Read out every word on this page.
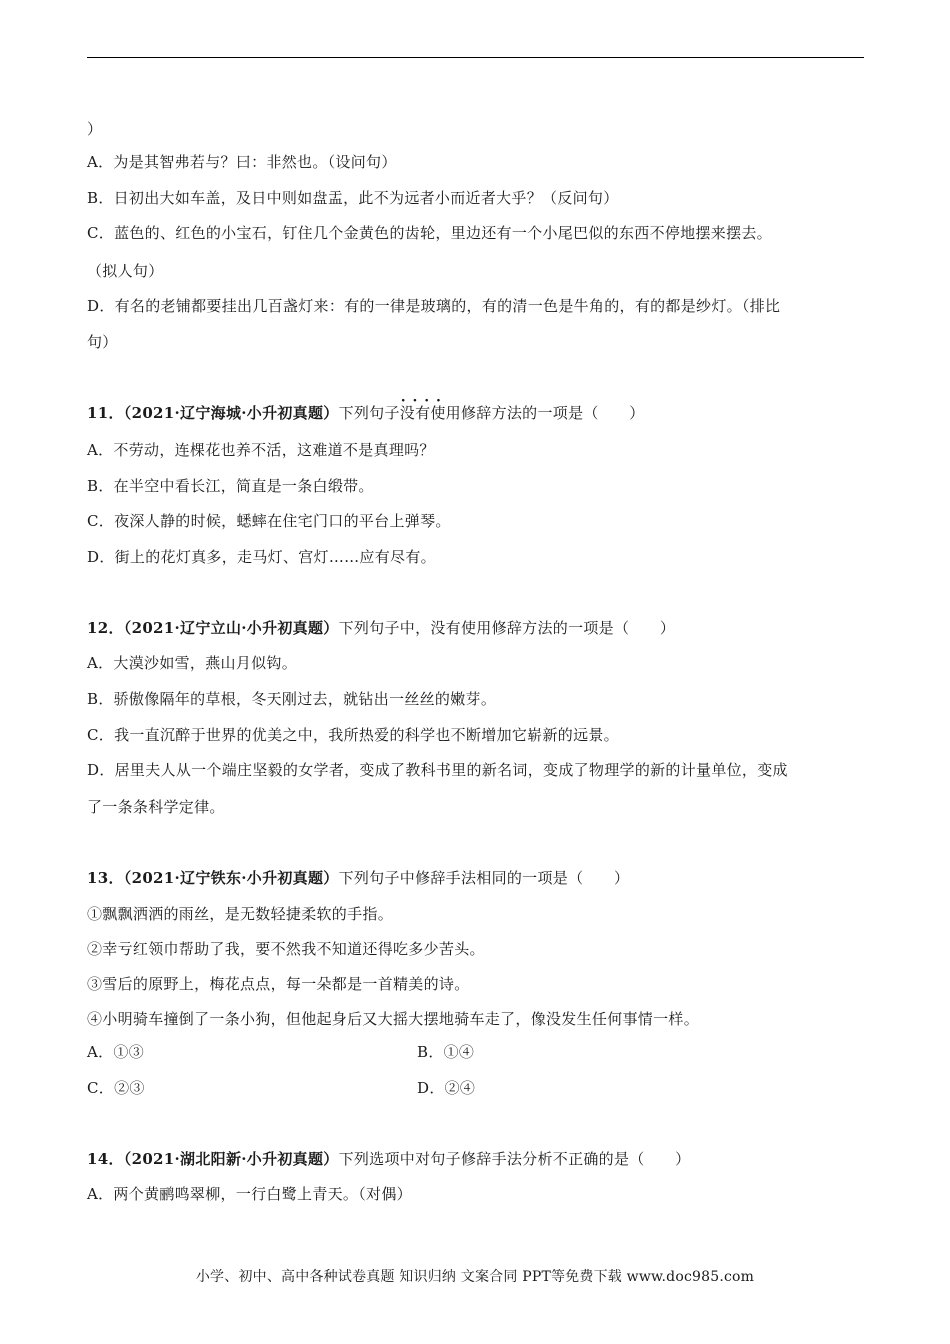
）
A．为是其智弗若与？曰：非然也。（设问句）
B．日初出大如车盖，及日中则如盘盂，此不为远者小而近者大乎？（反问句）
C．蓝色的、红色的小宝石，钉住几个金黄色的齿轮，里边还有一个小尾巴似的东西不停地摆来摆去。
（拟人句）
D．有名的老铺都要挂出几百盏灯来：有的一律是玻璃的，有的清一色是牛角的，有的都是纱灯。（排比
句）
11．（2021·辽宁海城·小升初真题）下列句子· · · · 没有使用修辞方法的一项是（　　）
A．不劳动，连棵花也养不活，这难道不是真理吗？
B．在半空中看长江，简直是一条白缎带。
C．夜深人静的时候，蟋蟀在住宅门口的平台上弹琴。
D．街上的花灯真多，走马灯、宫灯……应有尽有。
12．（2021·辽宁立山·小升初真题）下列句子中，没有使用修辞方法的一项是（　　）
A．大漠沙如雪，燕山月似钩。
B．骄傲像隔年的草根，冬天刚过去，就钻出一丝丝的嫩芽。
C．我一直沉醉于世界的优美之中，我所热爱的科学也不断增加它崭新的远景。
D．居里夫人从一个端庄坚毅的女学者，变成了教科书里的新名词，变成了物理学的新的计量单位，变成
了一条条科学定律。
13．（2021·辽宁铁东·小升初真题）下列句子中修辞手法相同的一项是（　　）
①飘飘洒洒的雨丝，是无数轻捷柔软的手指。
②幸亏红领巾帮助了我，要不然我不知道还得吃多少苦头。
③雪后的原野上，梅花点点，每一朵都是一首精美的诗。
④小明骑车撞倒了一条小狗，但他起身后又大摇大摆地骑车走了，像没发生任何事情一样。
A．①③	B．①④
C．②③	D．②④
14．（2021·湖北阳新·小升初真题）下列选项中对句子修辞手法分析不正确的是（　　）
A．两个黄鹂鸣翠柳，一行白鹭上青天。（对偶）
小学、初中、高中各种试卷真题 知识归纳 文案合同 PPT等免费下载 www.doc985.com
